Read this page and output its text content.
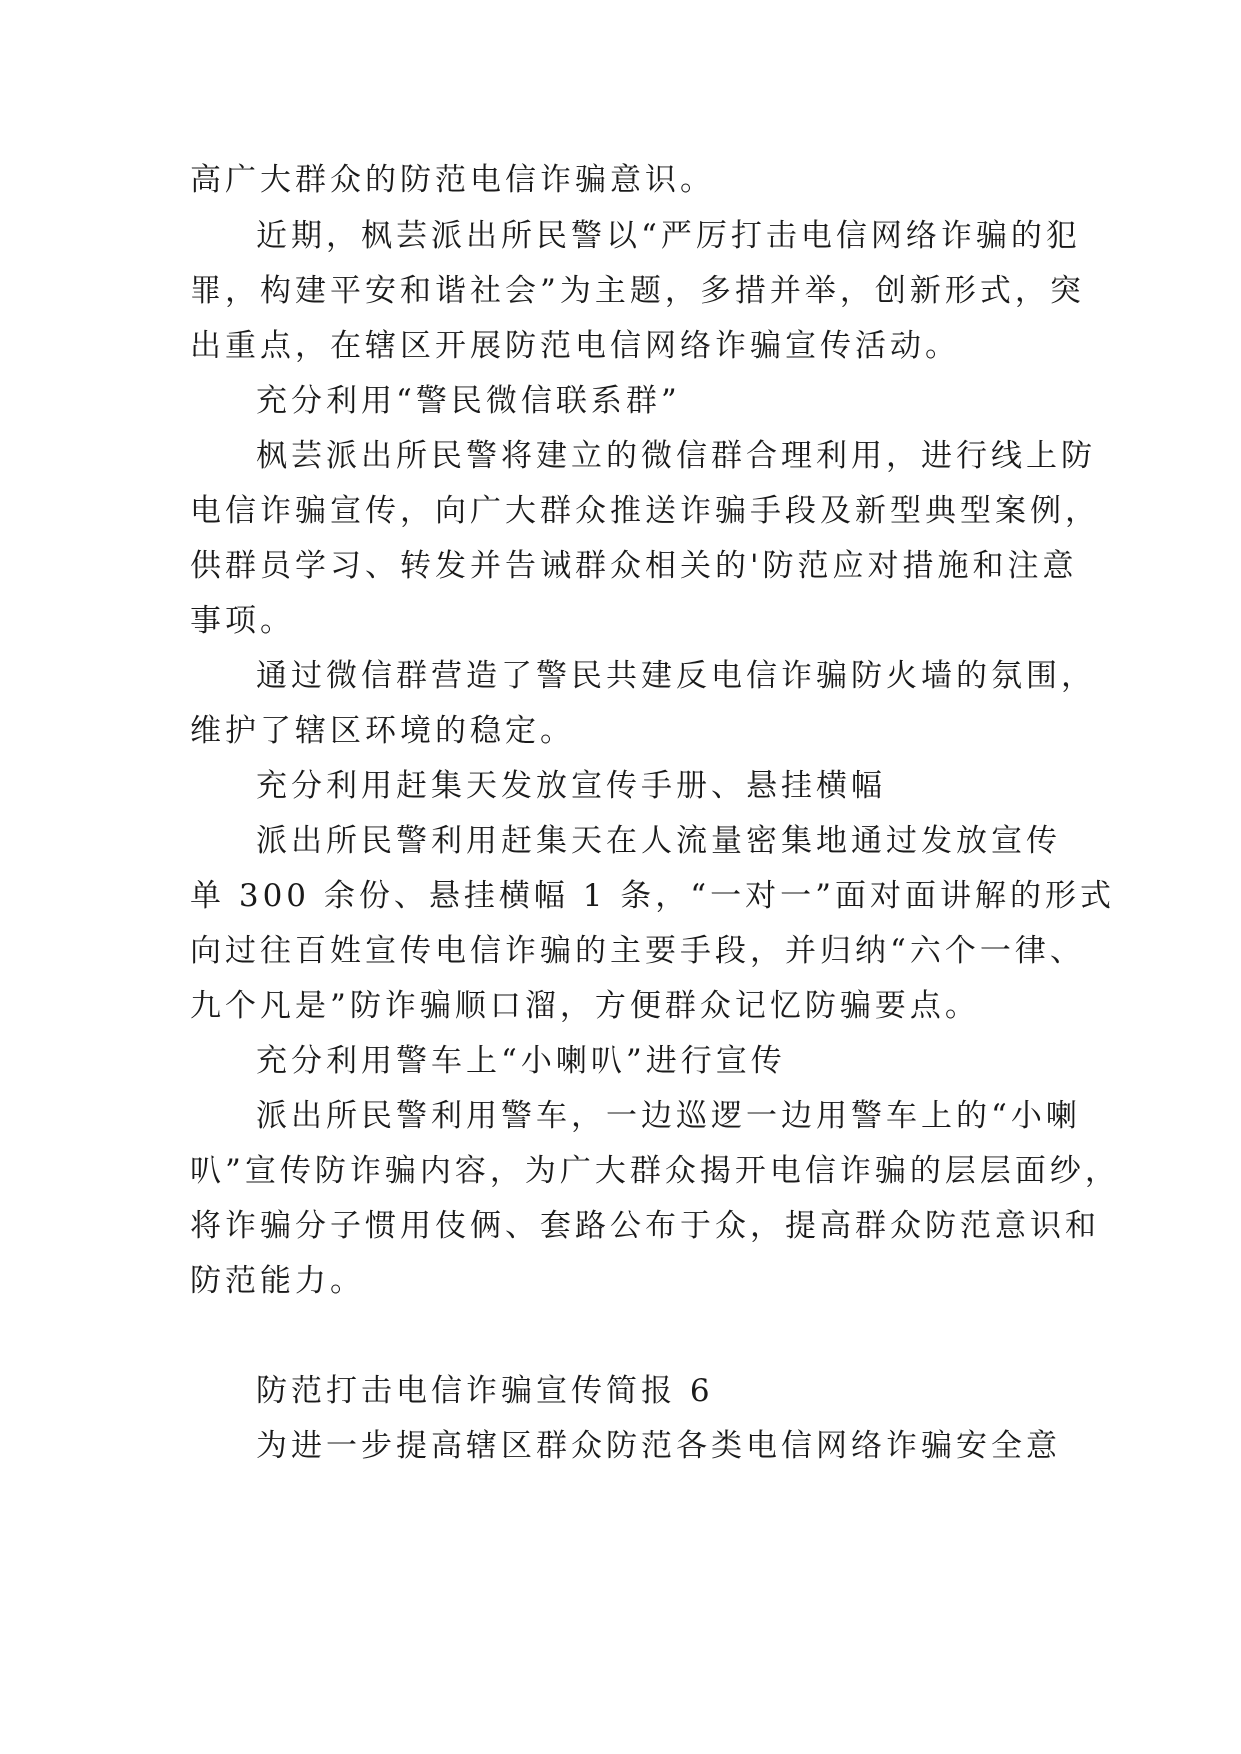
高广大群众的防范电信诈骗意识。
近期，枫芸派出所民警以“严厉打击电信网络诈骗的犯
罪，构建平安和谐社会”为主题，多措并举，创新形式，突
出重点，在辖区开展防范电信网络诈骗宣传活动。
充分利用“警民微信联系群”
枫芸派出所民警将建立的微信群合理利用，进行线上防
电信诈骗宣传，向广大群众推送诈骗手段及新型典型案例，
供群员学习、转发并告诫群众相关的'防范应对措施和注意
事项。
通过微信群营造了警民共建反电信诈骗防火墙的氛围，
维护了辖区环境的稳定。
充分利用赶集天发放宣传手册、悬挂横幅
派出所民警利用赶集天在人流量密集地通过发放宣传
单 300 余份、悬挂横幅 1 条，“一对一”面对面讲解的形式
向过往百姓宣传电信诈骗的主要手段，并归纳“六个一律、
九个凡是”防诈骗顺口溜，方便群众记忆防骗要点。
充分利用警车上“小喇叭”进行宣传
派出所民警利用警车，一边巡逻一边用警车上的“小喇
叭”宣传防诈骗内容，为广大群众揭开电信诈骗的层层面纱，
将诈骗分子惯用伎俩、套路公布于众，提高群众防范意识和
防范能力。
防范打击电信诈骗宣传简报 6
为进一步提高辖区群众防范各类电信网络诈骗安全意
